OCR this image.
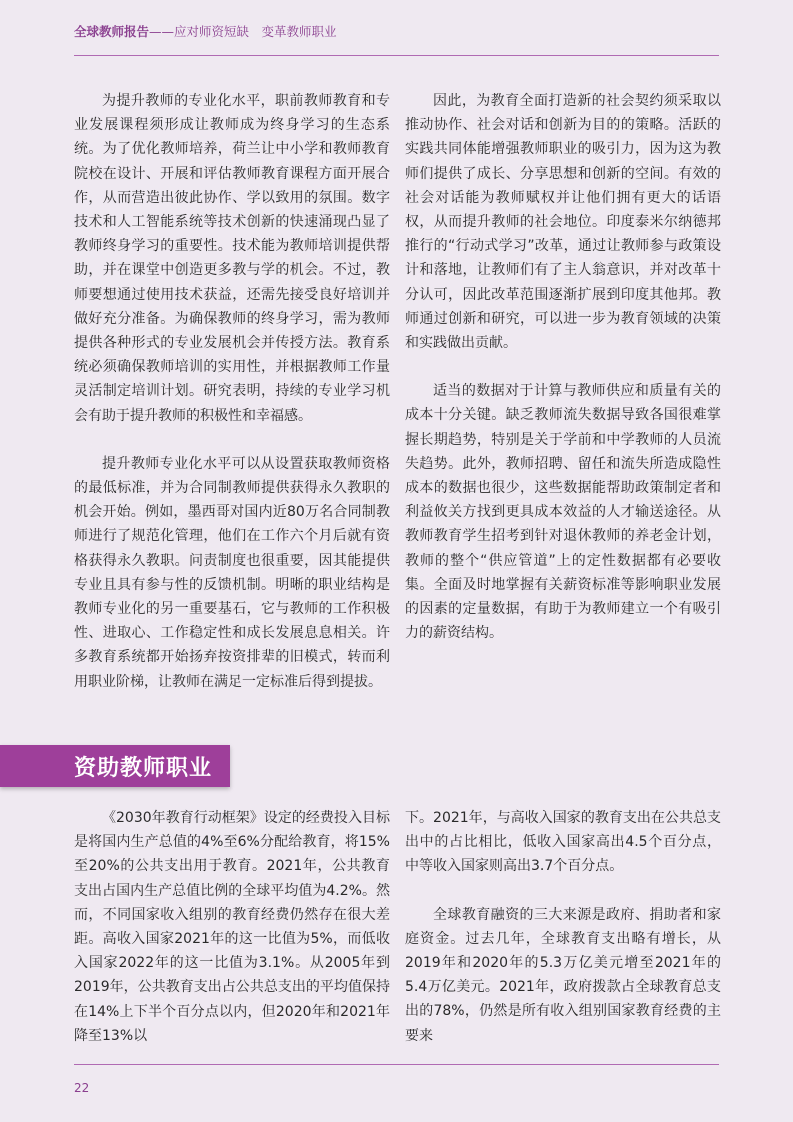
全球教师报告——应对师资短缺　变革教师职业

为提升教师的专业化水平，职前教师教育和专业发展课程须形成让教师成为终身学习的生态系统。为了优化教师培养，荷兰让中小学和教师教育院校在设计、开展和评估教师教育课程方面开展合作，从而营造出彼此协作、学以致用的氛围。数字技术和人工智能系统等技术创新的快速涌现凸显了教师终身学习的重要性。技术能为教师培训提供帮助，并在课堂中创造更多教与学的机会。不过，教师要想通过使用技术获益，还需先接受良好培训并做好充分准备。为确保教师的终身学习，需为教师提供各种形式的专业发展机会并传授方法。教育系统必须确保教师培训的实用性，并根据教师工作量灵活制定培训计划。研究表明，持续的专业学习机会有助于提升教师的积极性和幸福感。

提升教师专业化水平可以从设置获取教师资格的最低标准，并为合同制教师提供获得永久教职的机会开始。例如，墨西哥对国内近80万名合同制教师进行了规范化管理，他们在工作六个月后就有资格获得永久教职。问责制度也很重要，因其能提供专业且具有参与性的反馈机制。明晰的职业结构是教师专业化的另一重要基石，它与教师的工作积极性、进取心、工作稳定性和成长发展息息相关。许多教育系统都开始扬弃按资排辈的旧模式，转而利用职业阶梯，让教师在满足一定标准后得到提拔。

因此，为教育全面打造新的社会契约须采取以推动协作、社会对话和创新为目的的策略。活跃的实践共同体能增强教师职业的吸引力，因为这为教师们提供了成长、分享思想和创新的空间。有效的社会对话能为教师赋权并让他们拥有更大的话语权，从而提升教师的社会地位。印度泰米尔纳德邦推行的“行动式学习”改革，通过让教师参与政策设计和落地，让教师们有了主人翁意识，并对改革十分认可，因此改革范围逐渐扩展到印度其他邦。教师通过创新和研究，可以进一步为教育领域的决策和实践做出贡献。

适当的数据对于计算与教师供应和质量有关的成本十分关键。缺乏教师流失数据导致各国很难掌握长期趋势，特别是关于学前和中学教师的人员流失趋势。此外，教师招聘、留任和流失所造成隐性成本的数据也很少，这些数据能帮助政策制定者和利益攸关方找到更具成本效益的人才输送途径。从教师教育学生招考到针对退休教师的养老金计划，教师的整个“供应管道”上的定性数据都有必要收集。全面及时地掌握有关薪资标准等影响职业发展的因素的定量数据，有助于为教师建立一个有吸引力的薪资结构。

资助教师职业

《2030年教育行动框架》设定的经费投入目标是将国内生产总值的4%至6%分配给教育，将15%至20%的公共支出用于教育。2021年，公共教育支出占国内生产总值比例的全球平均值为4.2%。然而，不同国家收入组别的教育经费仍然存在很大差距。高收入国家2021年的这一比值为5%，而低收入国家2022年的这一比值为3.1%。从2005年到2019年，公共教育支出占公共总支出的平均值保持在14%上下半个百分点以内，但2020年和2021年降至13%以

下。2021年，与高收入国家的教育支出在公共总支出中的占比相比，低收入国家高出4.5个百分点，中等收入国家则高出3.7个百分点。

全球教育融资的三大来源是政府、捐助者和家庭资金。过去几年，全球教育支出略有增长，从2019年和2020年的5.3万亿美元增至2021年的5.4万亿美元。2021年，政府拨款占全球教育总支出的78%，仍然是所有收入组别国家教育经费的主要来

22
